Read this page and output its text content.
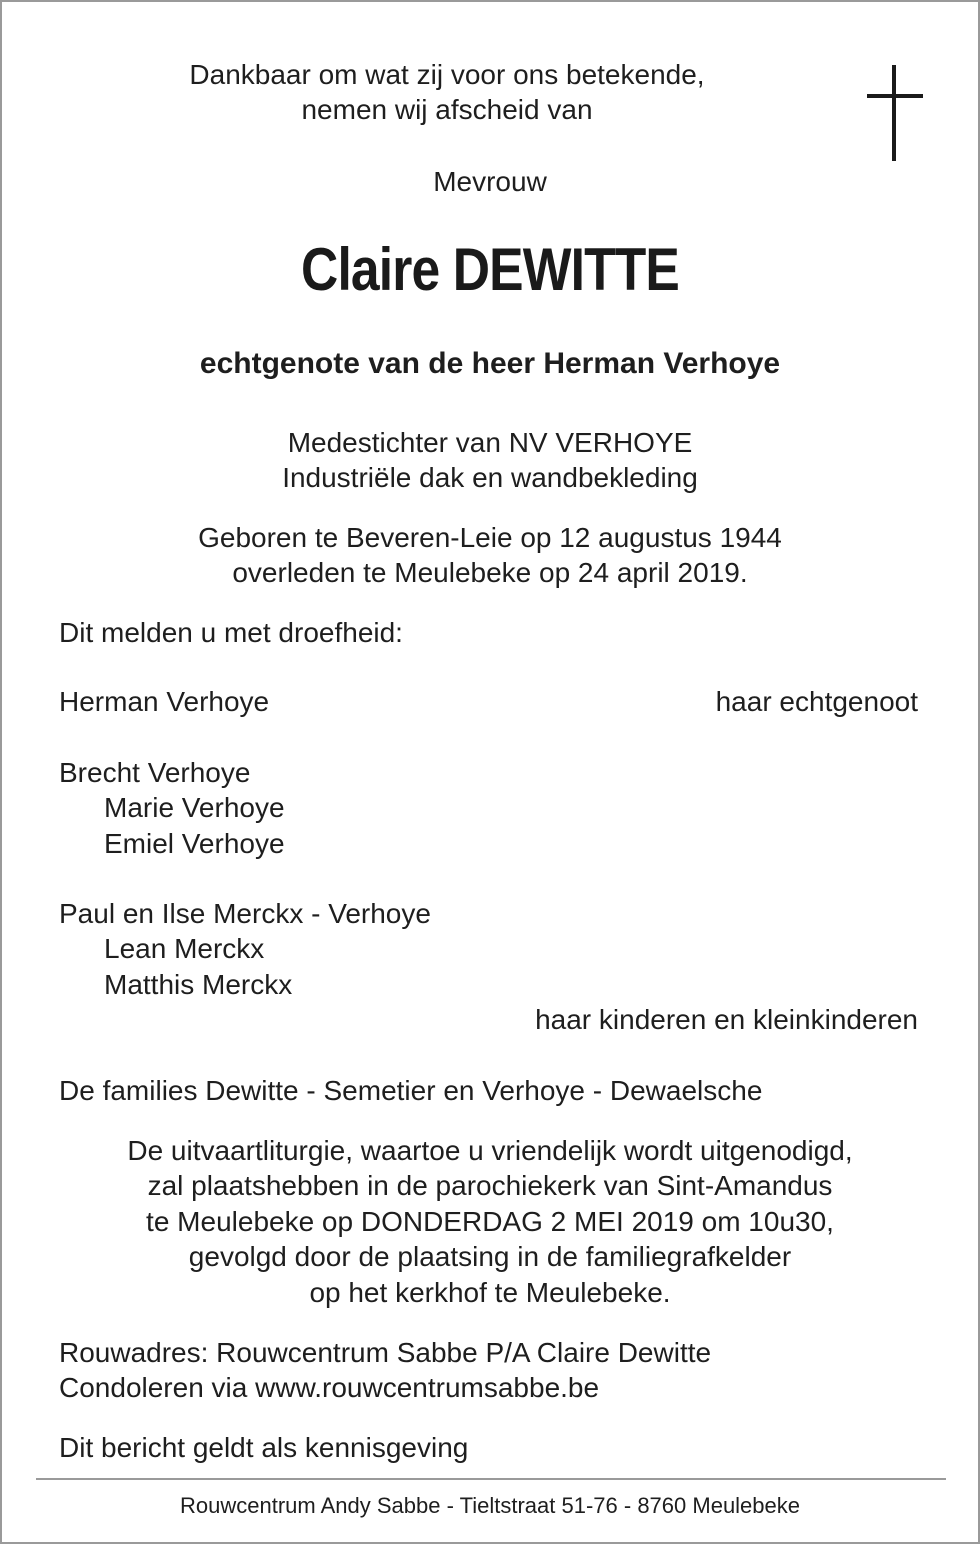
Dankbaar om wat zij voor ons betekende,
nemen wij afscheid van
Mevrouw
Claire DEWITTE
echtgenote van de heer Herman Verhoye
Medestichter van NV VERHOYE
Industriële dak en wandbekleding
Geboren te Beveren-Leie op 12 augustus 1944
overleden te Meulebeke op 24 april 2019.
Dit melden u met droefheid:
Herman Verhoye	haar echtgenoot
Brecht Verhoye
Marie Verhoye
Emiel Verhoye
Paul en Ilse Merckx - Verhoye
Lean Merckx
Matthis Merckx
haar kinderen en kleinkinderen
De families Dewitte - Semetier en Verhoye - Dewaelsche
De uitvaartliturgie, waartoe u vriendelijk wordt uitgenodigd,
zal plaatshebben in de parochiekerk van Sint-Amandus
te Meulebeke op DONDERDAG 2 MEI 2019 om 10u30,
gevolgd door de plaatsing in de familiegrafkelder
op het kerkhof te Meulebeke.
Rouwadres: Rouwcentrum Sabbe P/A Claire Dewitte
Condoleren via www.rouwcentrumsabbe.be
Dit bericht geldt als kennisgeving
Rouwcentrum Andy Sabbe - Tieltstraat 51-76 - 8760 Meulebeke
